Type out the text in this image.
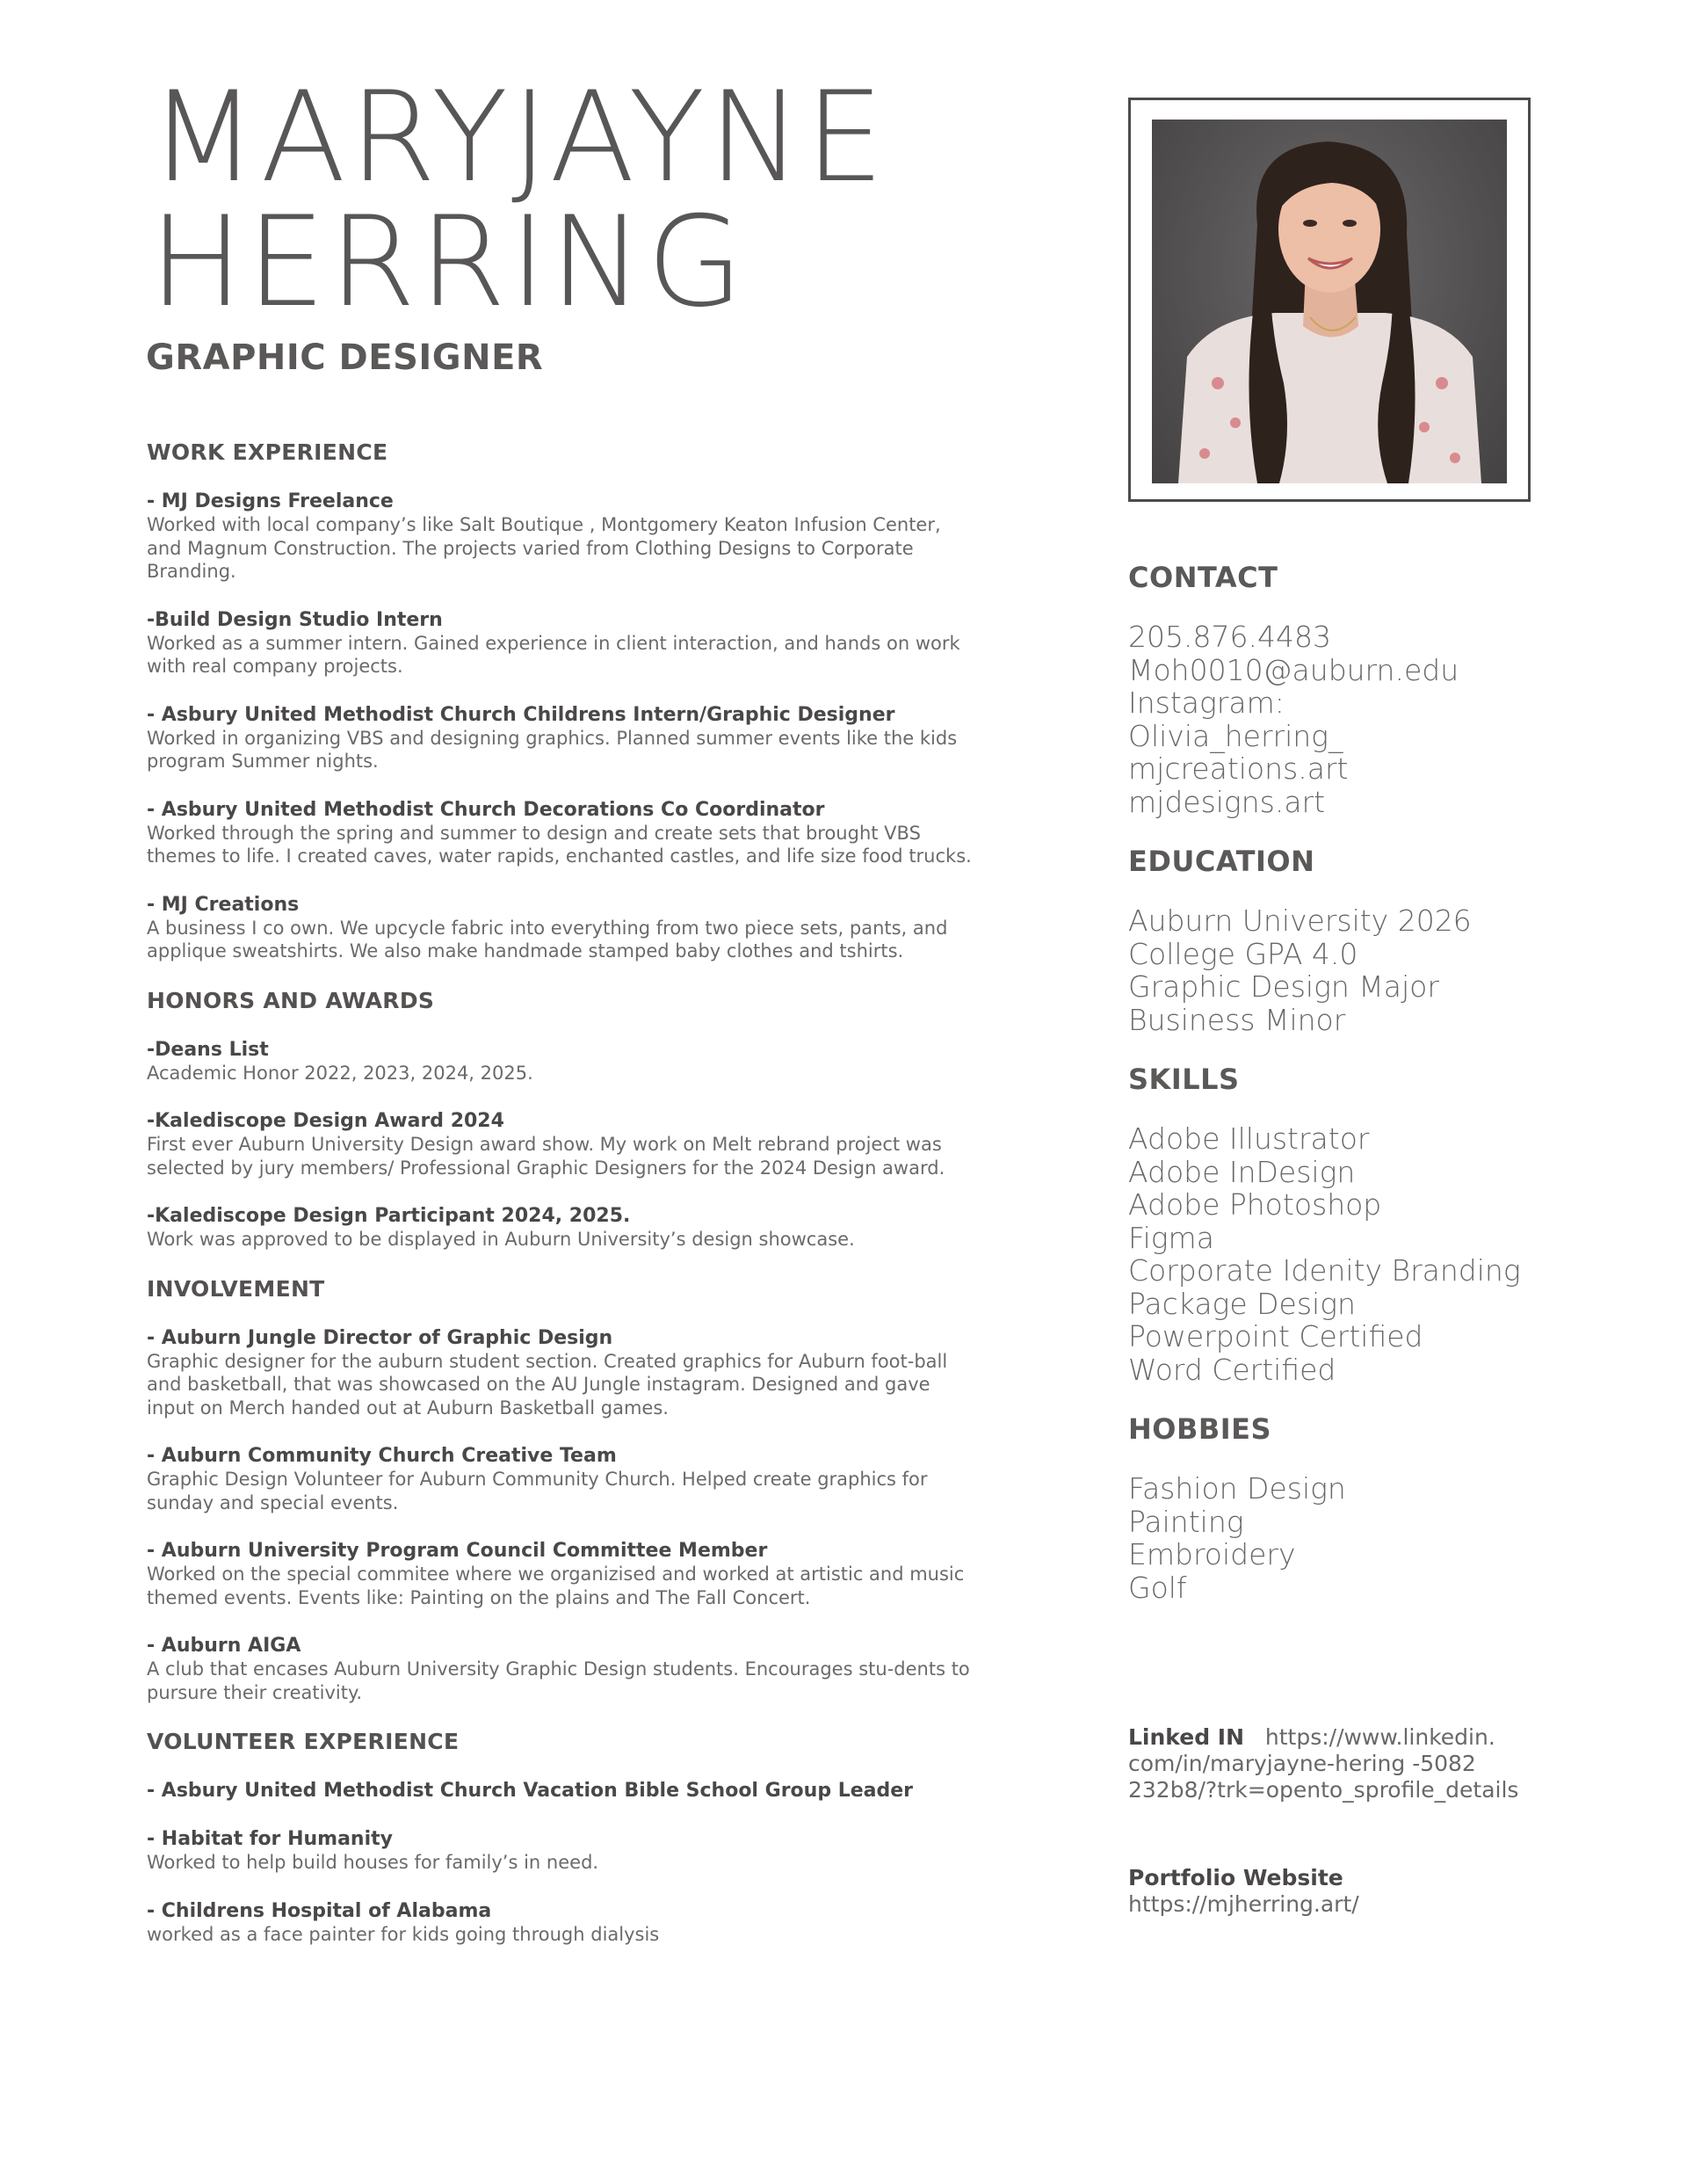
MARYJAYNE
HERRING
GRAPHIC DESIGNER
WORK EXPERIENCE
- MJ Designs Freelance
Worked with local company’s like Salt Boutique , Montgomery Keaton Infusion Center, and Magnum Construction. The projects varied from Clothing Designs to Corporate Branding.
-Build Design Studio Intern
Worked as a summer intern. Gained experience in client interaction, and hands on work with real company projects.
- Asbury United Methodist Church Childrens Intern/Graphic Designer
Worked in organizing VBS and designing graphics. Planned summer events like the kids program Summer nights.
- Asbury United Methodist Church Decorations Co Coordinator
Worked through the spring and summer to design and create sets that brought VBS themes to life. I created caves, water rapids, enchanted castles, and life size food trucks.
- MJ Creations
A business I co own. We upcycle fabric into everything from two piece sets, pants, and applique sweatshirts. We also make handmade stamped baby clothes and tshirts.
HONORS AND AWARDS
-Deans List
Academic Honor 2022, 2023, 2024, 2025.
-Kalediscope Design Award 2024
First ever Auburn University Design award show. My work on Melt rebrand project was selected by jury members/ Professional Graphic Designers for the 2024 Design award.
-Kalediscope Design Participant 2024, 2025.
Work was approved to be displayed in Auburn University’s design showcase.
INVOLVEMENT
- Auburn Jungle Director of Graphic Design
Graphic designer for the auburn student section. Created graphics for Auburn foot-ball and basketball, that was showcased on the AU Jungle instagram. Designed and gave input on Merch handed out at Auburn Basketball games.
- Auburn Community Church Creative Team
Graphic Design Volunteer for Auburn Community Church. Helped create graphics for sunday and special events.
- Auburn University Program Council Committee Member
Worked on the special commitee where we organizised and worked at artistic and music themed events. Events like: Painting on the plains and The Fall Concert.
- Auburn AIGA
A club that encases Auburn University Graphic Design students. Encourages stu-dents to pursure their creativity.
VOLUNTEER EXPERIENCE
- Asbury United Methodist Church Vacation Bible School Group Leader
- Habitat for Humanity
Worked to help build houses for family’s in need.
- Childrens Hospital of Alabama
worked as a face painter for kids going through dialysis
CONTACT
205.876.4483
Moh0010@auburn.edu
Instagram:
Olivia_herring_
mjcreations.art
mjdesigns.art
EDUCATION
Auburn University 2026
College GPA 4.0
Graphic Design Major
Business Minor
SKILLS
Adobe Illustrator
Adobe InDesign
Adobe Photoshop
Figma
Corporate Idenity Branding
Package Design
Powerpoint Certified
Word Certified
HOBBIES
Fashion Design
Painting
Embroidery
Golf
Linked IN https://www.linkedin.
com/in/maryjayne-hering -5082
232b8/?trk=opento_sprofile_details
Portfolio Website
https://mjherring.art/
